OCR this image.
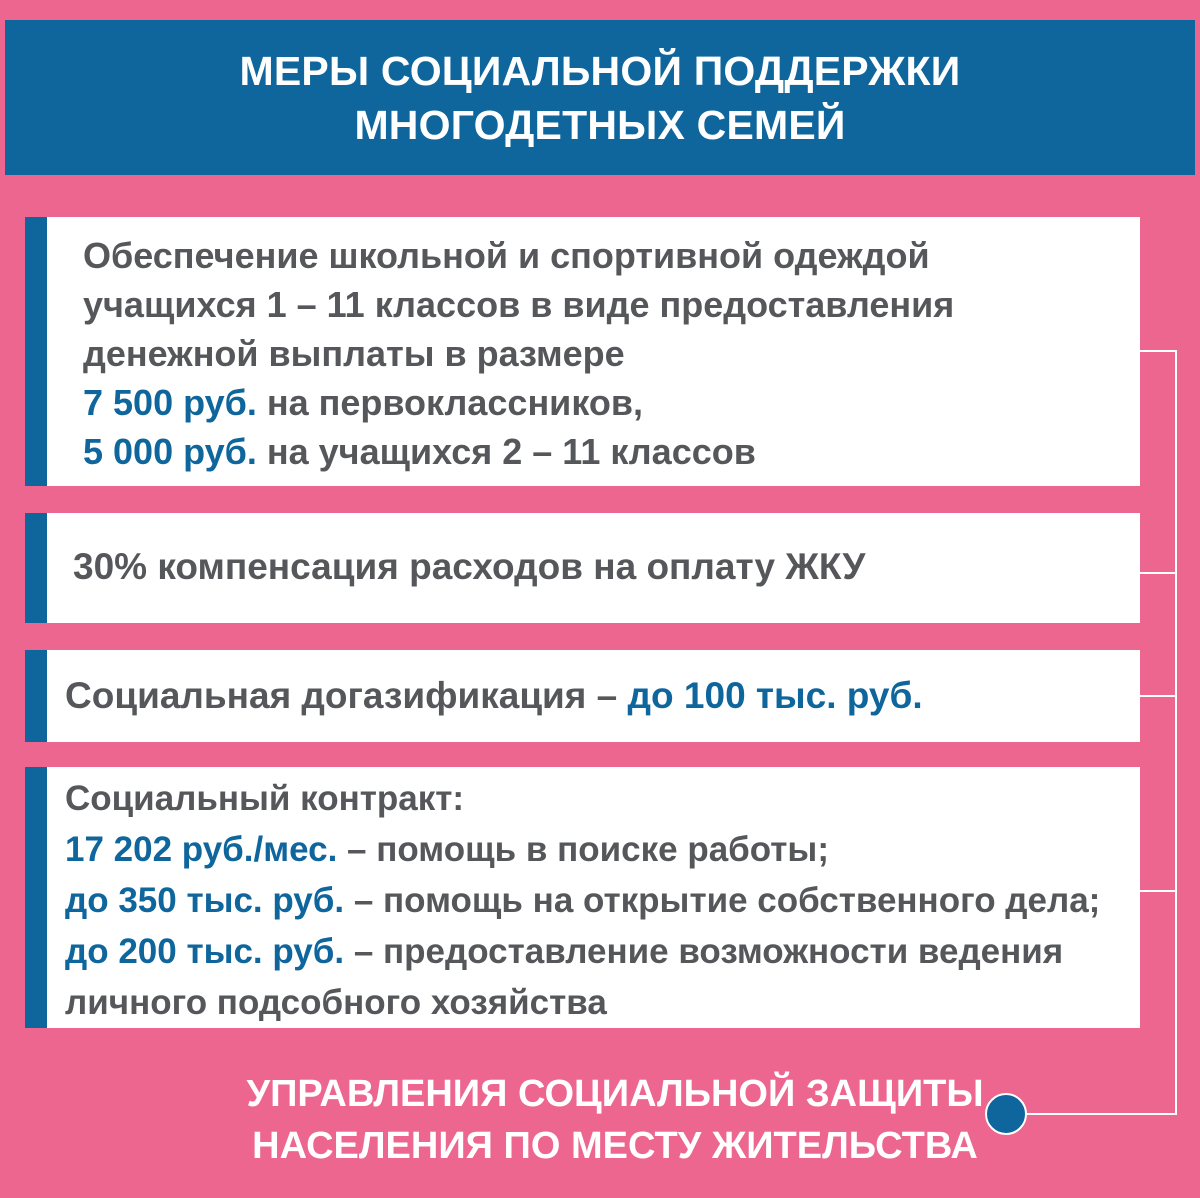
МЕРЫ СОЦИАЛЬНОЙ ПОДДЕРЖКИ
МНОГОДЕТНЫХ СЕМЕЙ
Обеспечение школьной и спортивной одеждой
учащихся 1 – 11 классов в виде предоставления
денежной выплаты в размере
7 500 руб. на первоклассников,
5 000 руб. на учащихся 2 – 11 классов
30% компенсация расходов на оплату ЖКУ
Социальная догазификация – до 100 тыс. руб.
Социальный контракт:
17 202 руб./мес. – помощь в поиске работы;
до 350 тыс. руб. – помощь на открытие собственного дела;
до 200 тыс. руб. – предоставление возможности ведения
личного подсобного хозяйства
УПРАВЛЕНИЯ СОЦИАЛЬНОЙ ЗАЩИТЫ
НАСЕЛЕНИЯ ПО МЕСТУ ЖИТЕЛЬСТВА
